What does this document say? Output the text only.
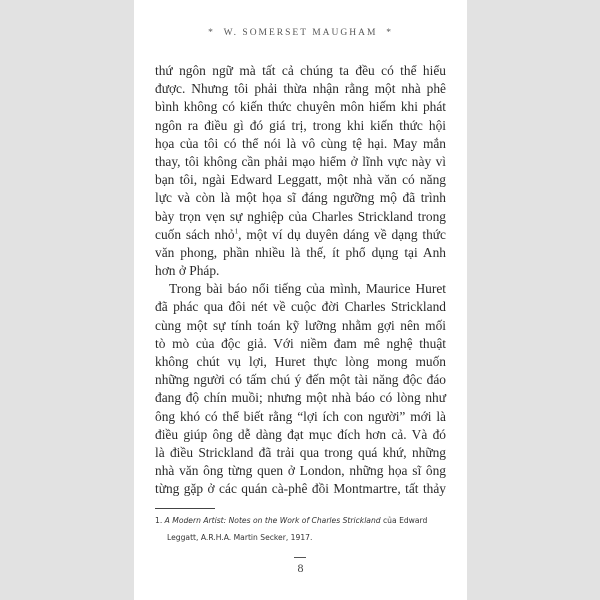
* W. SOMERSET MAUGHAM *
thứ ngôn ngữ mà tất cả chúng ta đều có thể hiểu
được. Nhưng tôi phải thừa nhận rằng một nhà phê
bình không có kiến thức chuyên môn hiếm khi phát
ngôn ra điều gì đó giá trị, trong khi kiến thức hội
họa của tôi có thể nói là vô cùng tệ hại. May mắn
thay, tôi không cần phải mạo hiểm ở lĩnh vực này vì
bạn tôi, ngài Edward Leggatt, một nhà văn có năng
lực và còn là một họa sĩ đáng ngưỡng mộ đã trình
bày trọn vẹn sự nghiệp của Charles Strickland trong
cuốn sách nhỏ$^1$, một ví dụ duyên dáng về dạng thức
văn phong, phần nhiều là thế, ít phổ dụng tại Anh
hơn ở Pháp.
Trong bài báo nổi tiếng của mình, Maurice Huret
đã phác qua đôi nét về cuộc đời Charles Strickland
cùng một sự tính toán kỹ lưỡng nhằm gợi nên mối
tò mò của độc giả. Với niềm đam mê nghệ thuật
không chút vụ lợi, Huret thực lòng mong muốn
những người có tấm chú ý đến một tài năng độc đáo
đang độ chín muồi; nhưng một nhà báo có lòng như
ông khó có thể biết rằng “lợi ích con người” mới là
điều giúp ông dễ dàng đạt mục đích hơn cả. Và đó
là điều Strickland đã trải qua trong quá khứ, những
nhà văn ông từng quen ở London, những họa sĩ ông
từng gặp ở các quán cà-phê đồi Montmartre, tất thảy
1. A Modern Artist: Notes on the Work of Charles Strickland của Edward
Leggatt, A.R.H.A. Martin Secker, 1917.
8
